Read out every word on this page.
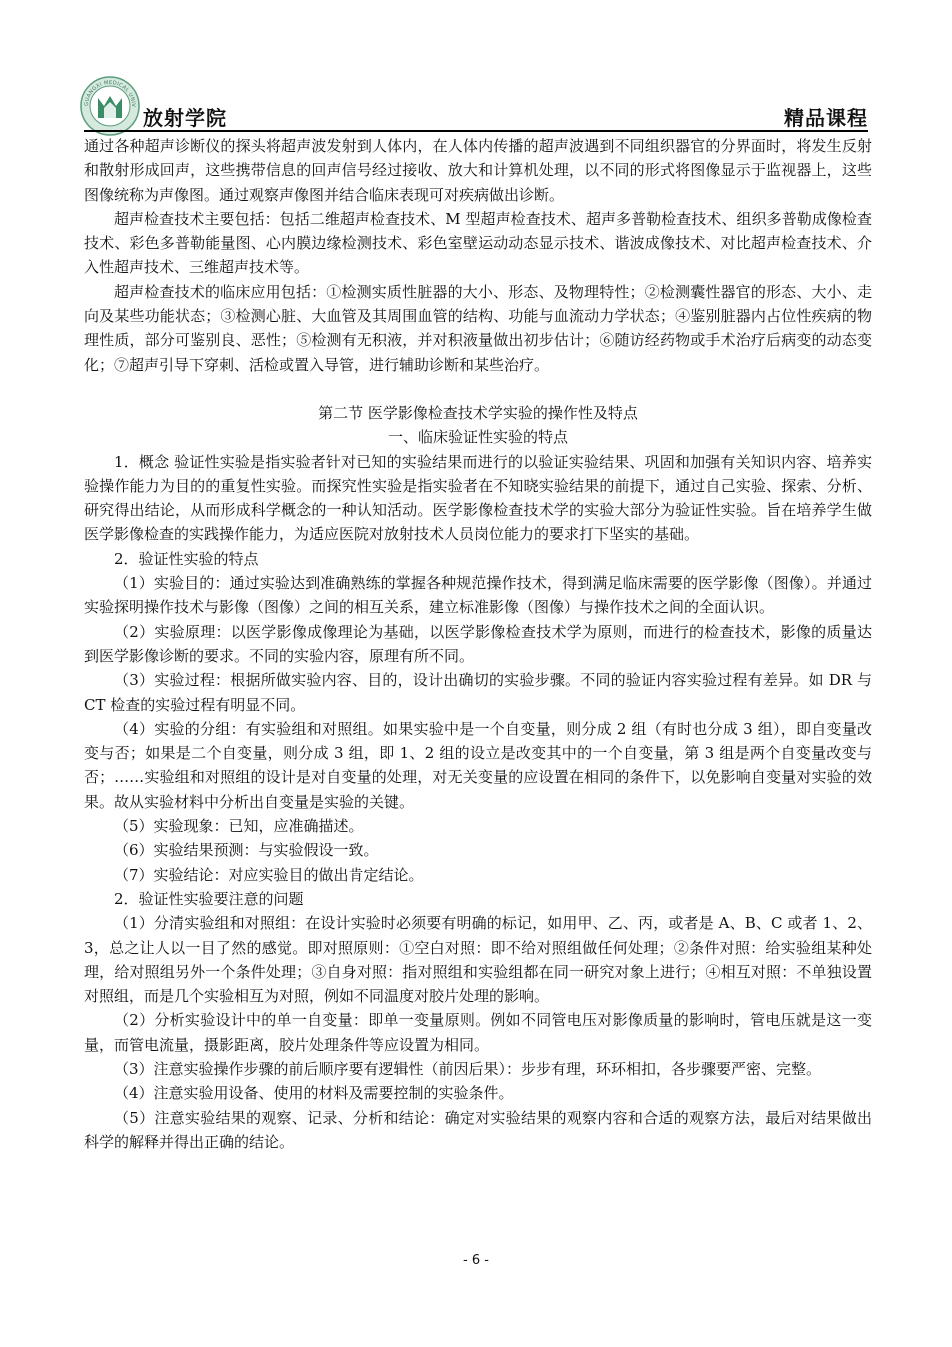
GUANGXI MEDICAL UNIV
放射学院	精品课程

通过各种超声诊断仪的探头将超声波发射到人体内，在人体内传播的超声波遇到不同组织器官的分界面时，将发生反射和散射形成回声，这些携带信息的回声信号经过接收、放大和计算机处理，以不同的形式将图像显示于监视器上，这些图像统称为声像图。通过观察声像图并结合临床表现可对疾病做出诊断。

超声检查技术主要包括：包括二维超声检查技术、M 型超声检查技术、超声多普勒检查技术、组织多普勒成像检查技术、彩色多普勒能量图、心内膜边缘检测技术、彩色室壁运动动态显示技术、谐波成像技术、对比超声检查技术、介入性超声技术、三维超声技术等。

超声检查技术的临床应用包括：①检测实质性脏器的大小、形态、及物理特性；②检测囊性器官的形态、大小、走向及某些功能状态；③检测心脏、大血管及其周围血管的结构、功能与血流动力学状态；④鉴别脏器内占位性疾病的物理性质，部分可鉴别良、恶性；⑤检测有无积液，并对积液量做出初步估计；⑥随访经药物或手术治疗后病变的动态变化；⑦超声引导下穿刺、活检或置入导管，进行辅助诊断和某些治疗。

第二节 医学影像检查技术学实验的操作性及特点

一、临床验证性实验的特点

1．概念 验证性实验是指实验者针对已知的实验结果而进行的以验证实验结果、巩固和加强有关知识内容、培养实验操作能力为目的的重复性实验。而探究性实验是指实验者在不知晓实验结果的前提下，通过自己实验、探索、分析、研究得出结论，从而形成科学概念的一种认知活动。医学影像检查技术学的实验大部分为验证性实验。旨在培养学生做医学影像检查的实践操作能力，为适应医院对放射技术人员岗位能力的要求打下坚实的基础。

2．验证性实验的特点

（1）实验目的：通过实验达到准确熟练的掌握各种规范操作技术，得到满足临床需要的医学影像（图像）。并通过实验探明操作技术与影像（图像）之间的相互关系，建立标准影像（图像）与操作技术之间的全面认识。

（2）实验原理：以医学影像成像理论为基础，以医学影像检查技术学为原则，而进行的检查技术，影像的质量达到医学影像诊断的要求。不同的实验内容，原理有所不同。

（3）实验过程：根据所做实验内容、目的，设计出确切的实验步骤。不同的验证内容实验过程有差异。如 DR 与 CT 检查的实验过程有明显不同。

（4）实验的分组：有实验组和对照组。如果实验中是一个自变量，则分成 2 组（有时也分成 3 组），即自变量改变与否；如果是二个自变量，则分成 3 组，即 1、2 组的设立是改变其中的一个自变量，第 3 组是两个自变量改变与否；……实验组和对照组的设计是对自变量的处理，对无关变量的应设置在相同的条件下，以免影响自变量对实验的效果。故从实验材料中分析出自变量是实验的关键。

（5）实验现象：已知，应准确描述。

（6）实验结果预测：与实验假设一致。

（7）实验结论：对应实验目的做出肯定结论。

2．验证性实验要注意的问题

（1）分清实验组和对照组：在设计实验时必须要有明确的标记，如用甲、乙、丙，或者是 A、B、C 或者 1、2、3，总之让人以一目了然的感觉。即对照原则：①空白对照：即不给对照组做任何处理；②条件对照：给实验组某种处理，给对照组另外一个条件处理；③自身对照：指对照组和实验组都在同一研究对象上进行；④相互对照：不单独设置对照组，而是几个实验相互为对照，例如不同温度对胶片处理的影响。

（2）分析实验设计中的单一自变量：即单一变量原则。例如不同管电压对影像质量的影响时，管电压就是这一变量，而管电流量，摄影距离，胶片处理条件等应设置为相同。

（3）注意实验操作步骤的前后顺序要有逻辑性（前因后果）：步步有理，环环相扣，各步骤要严密、完整。

（4）注意实验用设备、使用的材料及需要控制的实验条件。

（5）注意实验结果的观察、记录、分析和结论：确定对实验结果的观察内容和合适的观察方法，最后对结果做出科学的解释并得出正确的结论。

- 6 -
